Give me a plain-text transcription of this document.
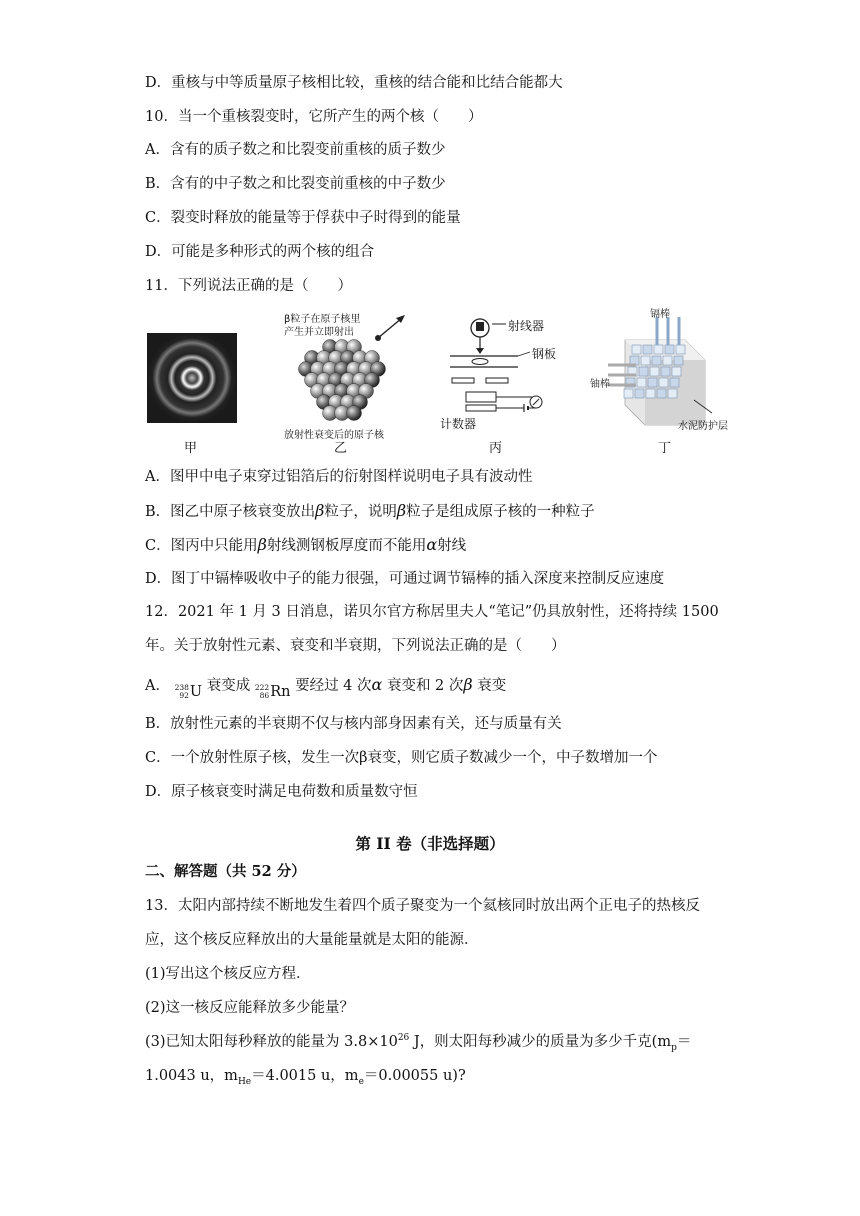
D．重核与中等质量原子核相比较，重核的结合能和比结合能都大
10．当一个重核裂变时，它所产生的两个核（　　）
A．含有的质子数之和比裂变前重核的质子数少
B．含有的中子数之和比裂变前重核的中子数少
C．裂变时释放的能量等于俘获中子时得到的能量
D．可能是多种形式的两个核的组合
11．下列说法正确的是（　　）
甲
β粒子在原子核里
产生并立即射出
放射性衰变后的原子核
乙
射线器
钢板
计数器
丙
镉棒
铀棒
水泥防护层
丁
A．图甲中电子束穿过铝箔后的衍射图样说明电子具有波动性
B．图乙中原子核衰变放出β粒子，说明β粒子是组成原子核的一种粒子
C．图丙中只能用β射线测钢板厚度而不能用α射线
D．图丁中镉棒吸收中子的能力很强，可通过调节镉棒的插入深度来控制反应速度
12．2021 年 1 月 3 日消息，诺贝尔官方称居里夫人“笔记”仍具放射性，还将持续 1500
年。关于放射性元素、衰变和半衰期，下列说法正确的是（　　）
A． 238
92 U 衰变成 222
86 Rn 要经过 4 次α 衰变和 2 次β 衰变
B．放射性元素的半衰期不仅与核内部身因素有关，还与质量有关
C．一个放射性原子核，发生一次β衰变，则它质子数减少一个，中子数增加一个
D．原子核衰变时满足电荷数和质量数守恒
第 II 卷（非选择题）
二、解答题（共 52 分）
13．太阳内部持续不断地发生着四个质子聚变为一个氦核同时放出两个正电子的热核反
应，这个核反应释放出的大量能量就是太阳的能源．
(1)写出这个核反应方程．
(2)这一核反应能释放多少能量？
(3)已知太阳每秒释放的能量为 $3.8\times 10^{26}$ J，则太阳每秒减少的质量为多少千克($m_p=$
1.0043 u，$m_{He}=4.0015$ u，$m_e=0.00055$ u)?
